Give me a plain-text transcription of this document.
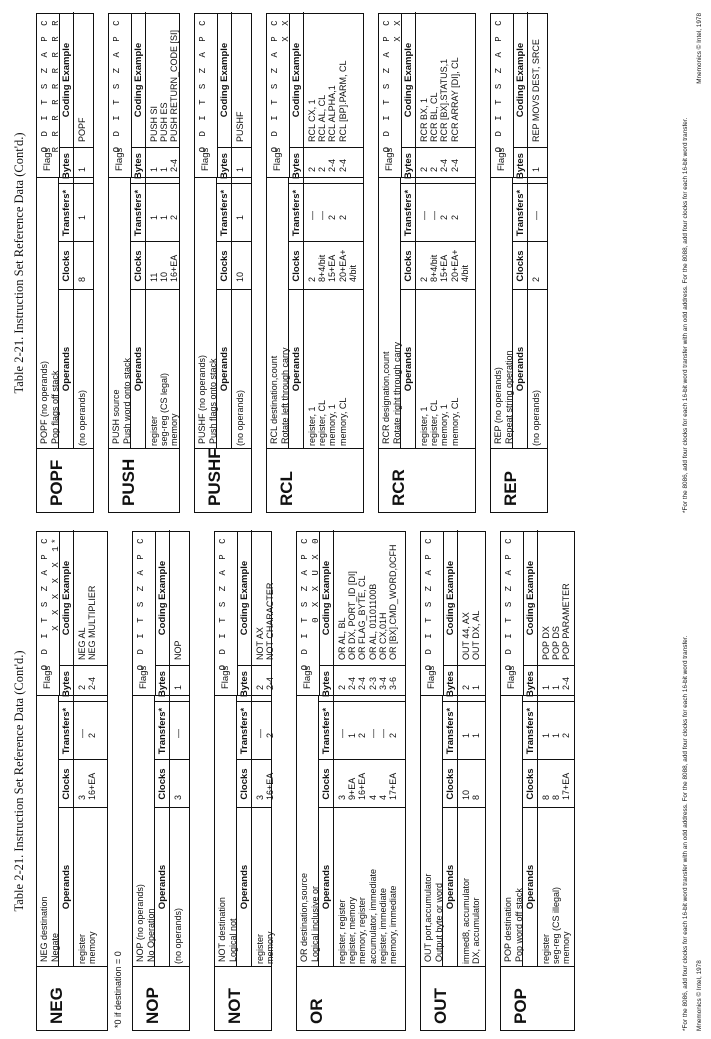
Table 2-21. Instruction Set Reference Data (Cont'd.)
NEG
NEG destination Negate
Flags
O D I T S Z A P C X X X X X 1*
Operands
Clocks
Transfers*
Bytes
Coding Example
register
memory
3
16+EA
—
2
2
2-4
NEG AL
NEG MULTIPLIER
*0 if destination = 0	NOP
NOP (no operands) No Operation
Flags
O D I T S Z A P C
Operands
Clocks
Transfers*
Bytes
Coding Example
(no operands)
3
—
1
NOP
NOT
NOT destination Logical not
Flags
O D I T S Z A P C
Operands
Clocks
Transfers*
Bytes
Coding Example
register
memory
3
16+EA
—
2
2
2-4
NOT AX
NOT CHARACTER
OR
OR destination,source Logical inclusive or
Flags
O D I T S Z A P C 0 X X U X 0
Operands
Clocks
Transfers*
Bytes
Coding Example
register, register
register, memory
memory, register
accumulator, immediate
register, immediate
memory, immediate
3
9+EA
16+EA
4
4
17+EA
—
1
2
—
—
2
2
2-4
2-4
2-3
3-4
3-6
OR AL, BL
OR DX, PORT_ID [DI]
OR FLAG_BYTE, CL
OR AL, 01101100B
OR CX,01H
OR [BX].CMD_WORD,0CFH
OUT
OUT port,accumulator Output byte or word
Flags
O D I T S Z A P C
Operands
Clocks
Transfers*
Bytes
Coding Example
immed8, accumulator
DX, accumulator
10
8
1
1
2
1
OUT 44, AX
OUT DX, AL
POP
POP destination Pop word off stack
Flags
O D I T S Z A P C
Operands
Clocks
Transfers*
Bytes
Coding Example
register
seg-reg (CS illegal)
memory
8
8
17+EA
1
1
2
1
1
2-4
POP DX
POP DS
POP PARAMETER
*For the 8086, add four clocks for each 16-bit word transfer with an odd address. For the 8088, add four clocks for each 16-bit word transfer. Mnemonics © Intel, 1978
Table 2-21. Instruction Set Reference Data (Cont'd.)
POPF
POPF (no operands) Pop flags off stack
Flags
O D I T S Z A P C R R R R R R R R R
Operands
Clocks
Transfers*
Bytes
Coding Example
(no operands)
8
1
1
POPF
PUSH
PUSH source Push word onto stack
Flags
O D I T S Z A P C
Operands
Clocks
Transfers*
Bytes
Coding Example
register
seg-reg (CS legal)
memory
11
10
16+EA
1
1
2
1
1
2-4
PUSH SI
PUSH ES
PUSH RETURN_CODE [SI]
PUSHF
PUSHF (no operands) Push flags onto stack
Flags
O D I T S Z A P C
Operands
Clocks
Transfers*
Bytes
Coding Example
(no operands)
10
1
1
PUSHF
RCL
RCL destination,count Rotate left through carry
Flags
O D I T S Z A P C X X
Operands
Clocks
Transfers*
Bytes
Coding Example
register, 1
register, CL
memory, 1
memory, CL
2
8+4/bit
15+EA
20+EA+
4/bit
—
—
2
2
2
2
2-4
2-4
RCL CX, 1
RCL AL, CL
RCL ALPHA,1
RCL [BP].PARM, CL
RCR
RCR designation,count Rotate right through carry
Flags
O D I T S Z A P C X X
Operands
Clocks
Transfers*
Bytes
Coding Example
register, 1
register, CL
memory, 1
memory, CL
2
8+4/bit
15+EA
20+EA+
4/bit
—
—
2
2
2
2
2-4
2-4
RCR BX, 1
RCR BL, CL
RCR [BX].STATUS,1
RCR ARRAY [DI], CL
REP
REP (no operands) Repeat string operation
Flags
O D I T S Z A P C
Operands
Clocks
Transfers*
Bytes
Coding Example
(no operands)
2
—
1
REP MOVS DEST, SRCE
*For the 8086, add four clocks for each 16-bit word transfer with an odd address. For the 8088, add four clocks for each 16-bit word transfer.
Mnemonics © Intel, 1978
